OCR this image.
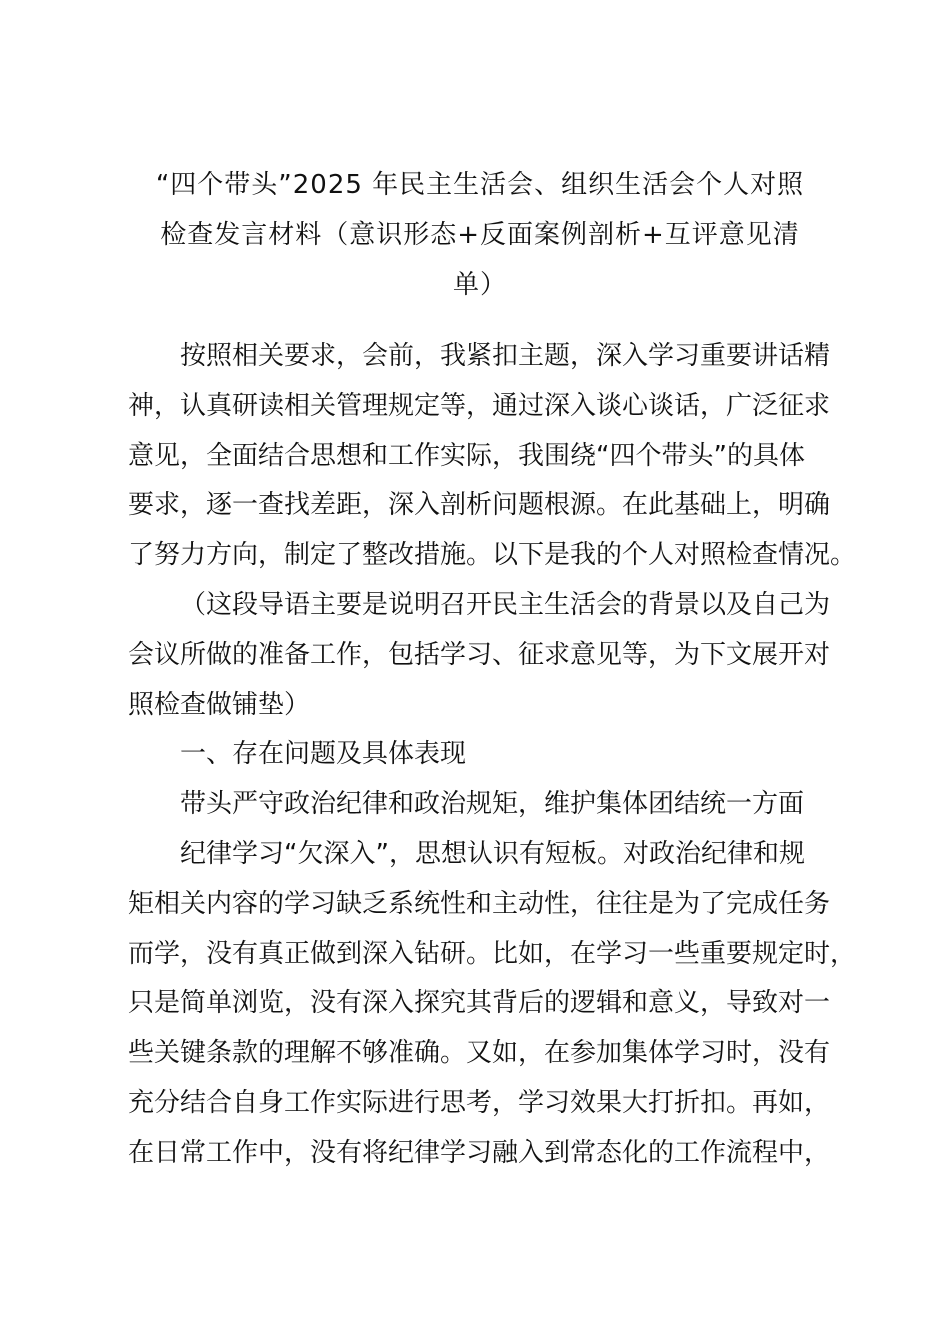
“四个带头”2025 年民主生活会、组织生活会个人对照
检查发言材料（意识形态+反面案例剖析+互评意见清
单）

按照相关要求，会前，我紧扣主题，深入学习重要讲话精
神，认真研读相关管理规定等，通过深入谈心谈话，广泛征求
意见，全面结合思想和工作实际，我围绕“四个带头”的具体
要求，逐一查找差距，深入剖析问题根源。在此基础上，明确
了努力方向，制定了整改措施。以下是我的个人对照检查情况。

（这段导语主要是说明召开民主生活会的背景以及自己为
会议所做的准备工作，包括学习、征求意见等，为下文展开对
照检查做铺垫）

一、存在问题及具体表现

带头严守政治纪律和政治规矩，维护集体团结统一方面

纪律学习“欠深入”，思想认识有短板。对政治纪律和规
矩相关内容的学习缺乏系统性和主动性，往往是为了完成任务
而学，没有真正做到深入钻研。比如，在学习一些重要规定时，
只是简单浏览，没有深入探究其背后的逻辑和意义，导致对一
些关键条款的理解不够准确。又如，在参加集体学习时，没有
充分结合自身工作实际进行思考，学习效果大打折扣。再如，
在日常工作中，没有将纪律学习融入到常态化的工作流程中，
